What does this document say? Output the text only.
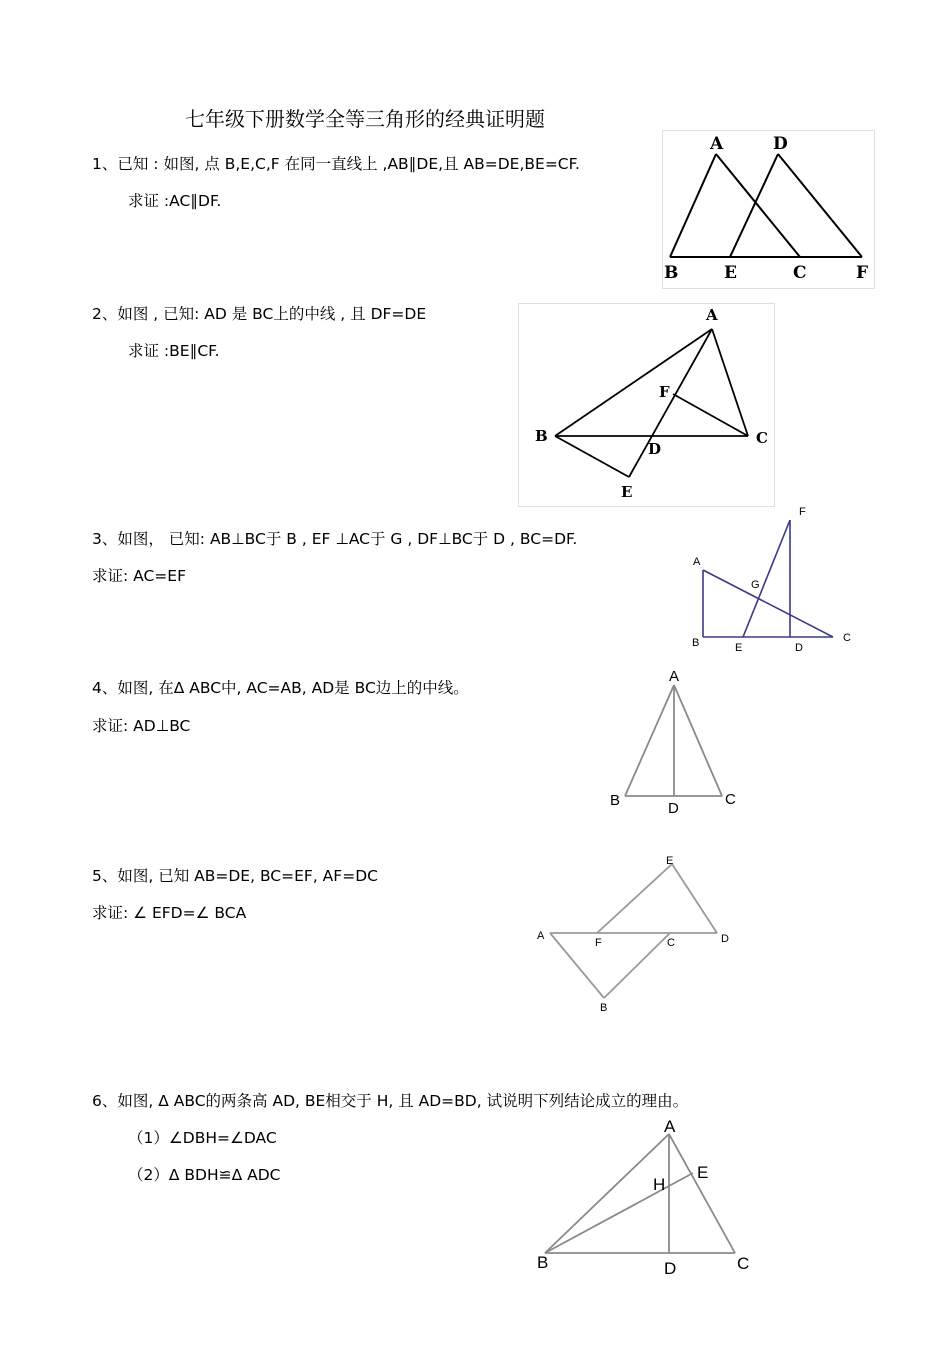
七年级下册数学全等三角形的经典证明题
1、已知 : 如图, 点 B,E,C,F 在同一直线上 ,AB∥DE,且 AB=DE,BE=CF.
求证 :AC∥DF.
A	D
B	E	C	F
2、如图 , 已知: AD 是 BC上的中线 , 且 DF=DE
求证 :BE∥CF.
A
F
B
D
C
E
3、如图， 已知: AB⊥BC于 B , EF ⊥AC于 G , DF⊥BC于 D , BC=DF.
求证: AC=EF
F
A
G
B	E	D
C
4、如图, 在Δ ABC中, AC=AB, AD是 BC边上的中线。
求证: AD⊥BC
A
B	D
C
5、如图, 已知 AB=DE, BC=EF, AF=DC
求证: ∠ EFD=∠ BCA
E
A
F	C	D
B
6、如图, Δ ABC的两条高 AD, BE相交于 H, 且 AD=BD, 试说明下列结论成立的理由。
（1）∠DBH=∠DAC
（2）Δ BDH≌Δ ADC
A
E
H
B	D	C
